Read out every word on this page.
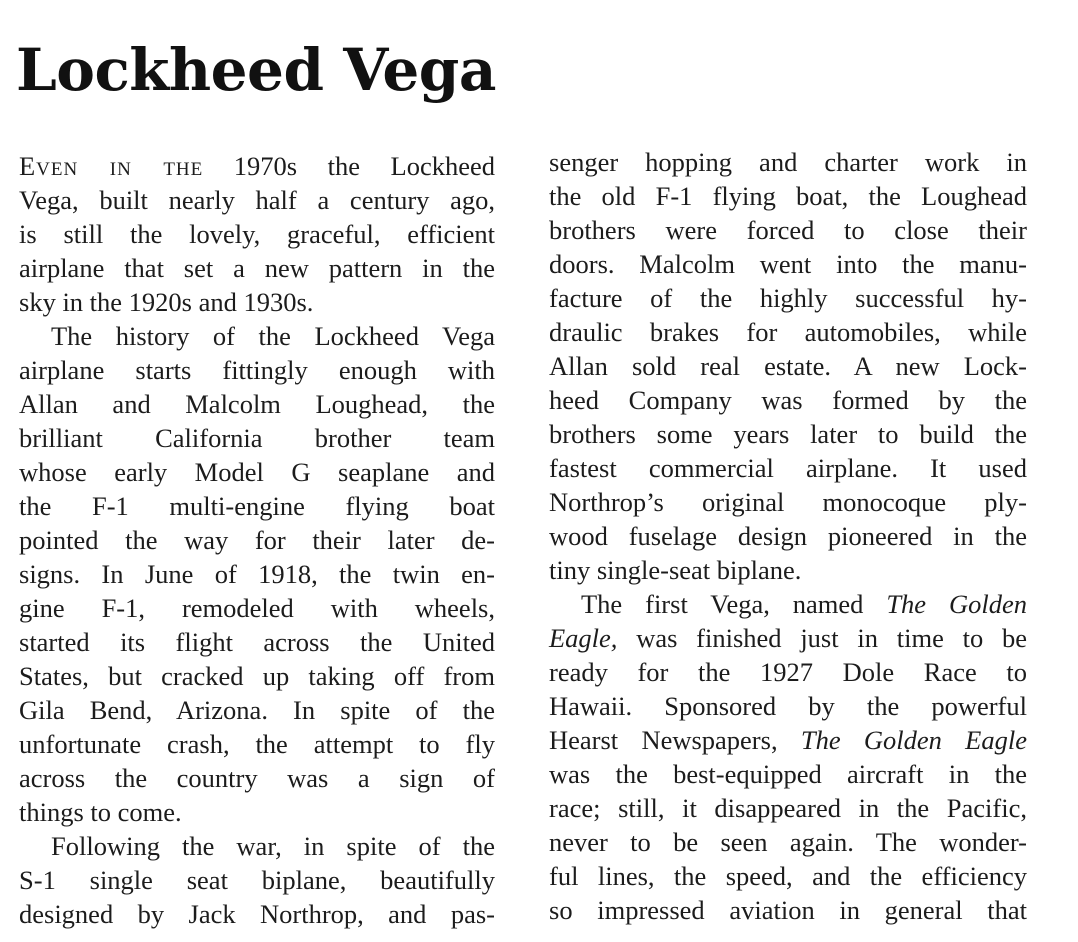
Lockheed Vega
Even in the 1970s the Lockheed
Vega, built nearly half a century ago,
is still the lovely, graceful, efficient
airplane that set a new pattern in the
sky in the 1920s and 1930s.
The history of the Lockheed Vega
airplane starts fittingly enough with
Allan and Malcolm Loughead, the
brilliant California brother team
whose early Model G seaplane and
the F-1 multi-engine flying boat
pointed the way for their later de-
signs. In June of 1918, the twin en-
gine F-1, remodeled with wheels,
started its flight across the United
States, but cracked up taking off from
Gila Bend, Arizona. In spite of the
unfortunate crash, the attempt to fly
across the country was a sign of
things to come.
Following the war, in spite of the
S-1 single seat biplane, beautifully
designed by Jack Northrop, and pas-
senger hopping and charter work in
the old F-1 flying boat, the Loughead
brothers were forced to close their
doors. Malcolm went into the manu-
facture of the highly successful hy-
draulic brakes for automobiles, while
Allan sold real estate. A new Lock-
heed Company was formed by the
brothers some years later to build the
fastest commercial airplane. It used
Northrop’s original monocoque ply-
wood fuselage design pioneered in the
tiny single-seat biplane.
The first Vega, named The Golden
Eagle, was finished just in time to be
ready for the 1927 Dole Race to
Hawaii. Sponsored by the powerful
Hearst Newspapers, The Golden Eagle
was the best-equipped aircraft in the
race; still, it disappeared in the Pacific,
never to be seen again. The wonder-
ful lines, the speed, and the efficiency
so impressed aviation in general that
